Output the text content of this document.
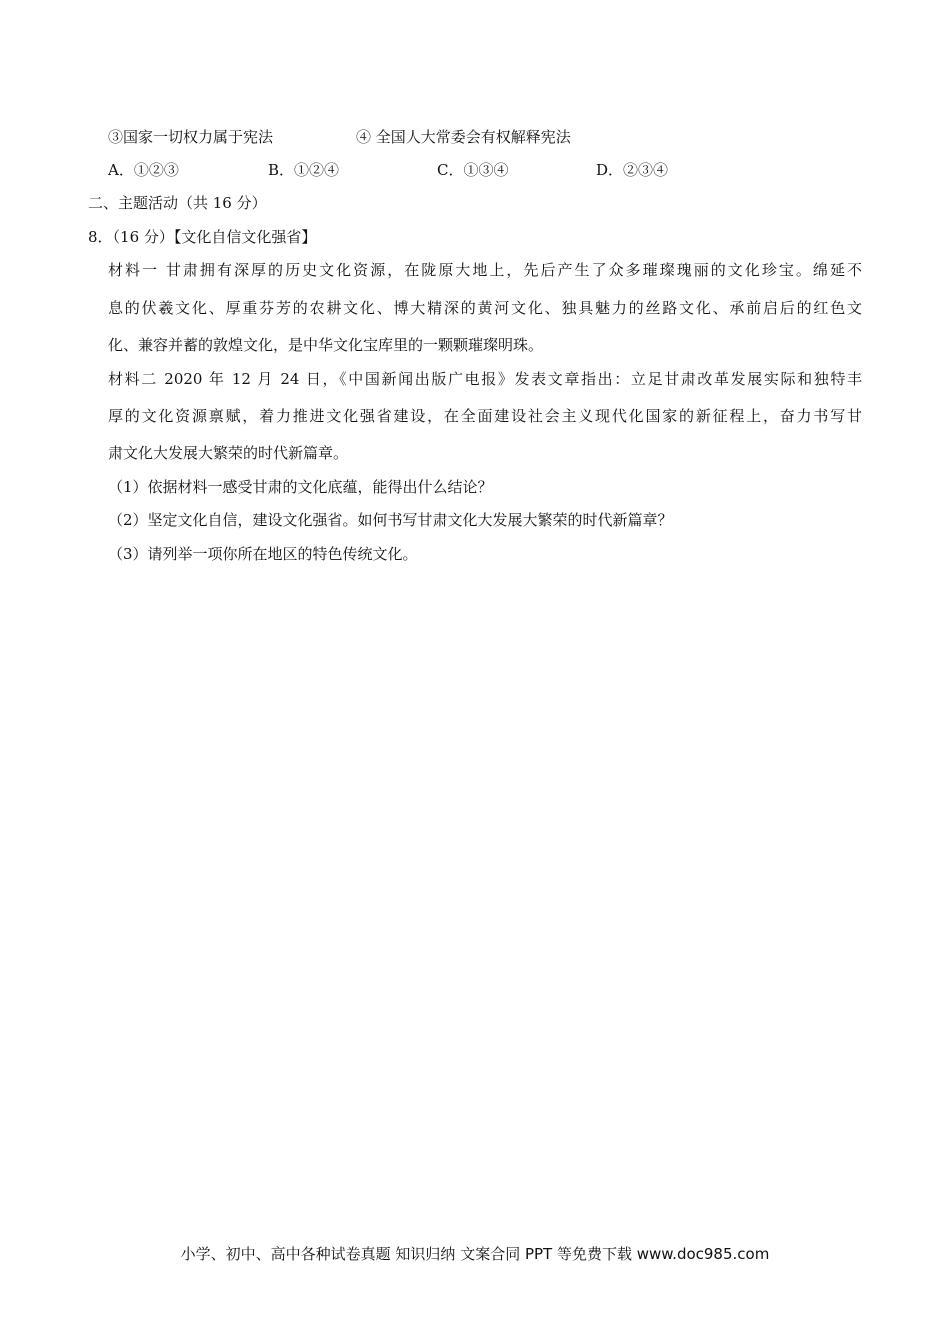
③国家一切权力属于宪法	④ 全国人大常委会有权解释宪法
A．①②③	B．①②④	C．①③④	D．②③④
二、主题活动（共 16 分）
8．（16 分）【文化自信文化强省】
材料一 甘肃拥有深厚的历史文化资源，在陇原大地上，先后产生了众多璀璨瑰丽的文化珍宝。绵延不
息的伏羲文化、厚重芬芳的农耕文化、博大精深的黄河文化、独具魅力的丝路文化、承前启后的红色文
化、兼容并蓄的敦煌文化，是中华文化宝库里的一颗颗璀璨明珠。
材料二 2020 年 12 月 24 日，《中国新闻出版广电报》发表文章指出：立足甘肃改革发展实际和独特丰
厚的文化资源禀赋，着力推进文化强省建设，在全面建设社会主义现代化国家的新征程上，奋力书写甘
肃文化大发展大繁荣的时代新篇章。
（1）依据材料一感受甘肃的文化底蕴，能得出什么结论？
（2）坚定文化自信，建设文化强省。如何书写甘肃文化大发展大繁荣的时代新篇章？
（3）请列举一项你所在地区的特色传统文化。
小学、初中、高中各种试卷真题 知识归纳 文案合同 PPT 等免费下载 www.doc985.com
